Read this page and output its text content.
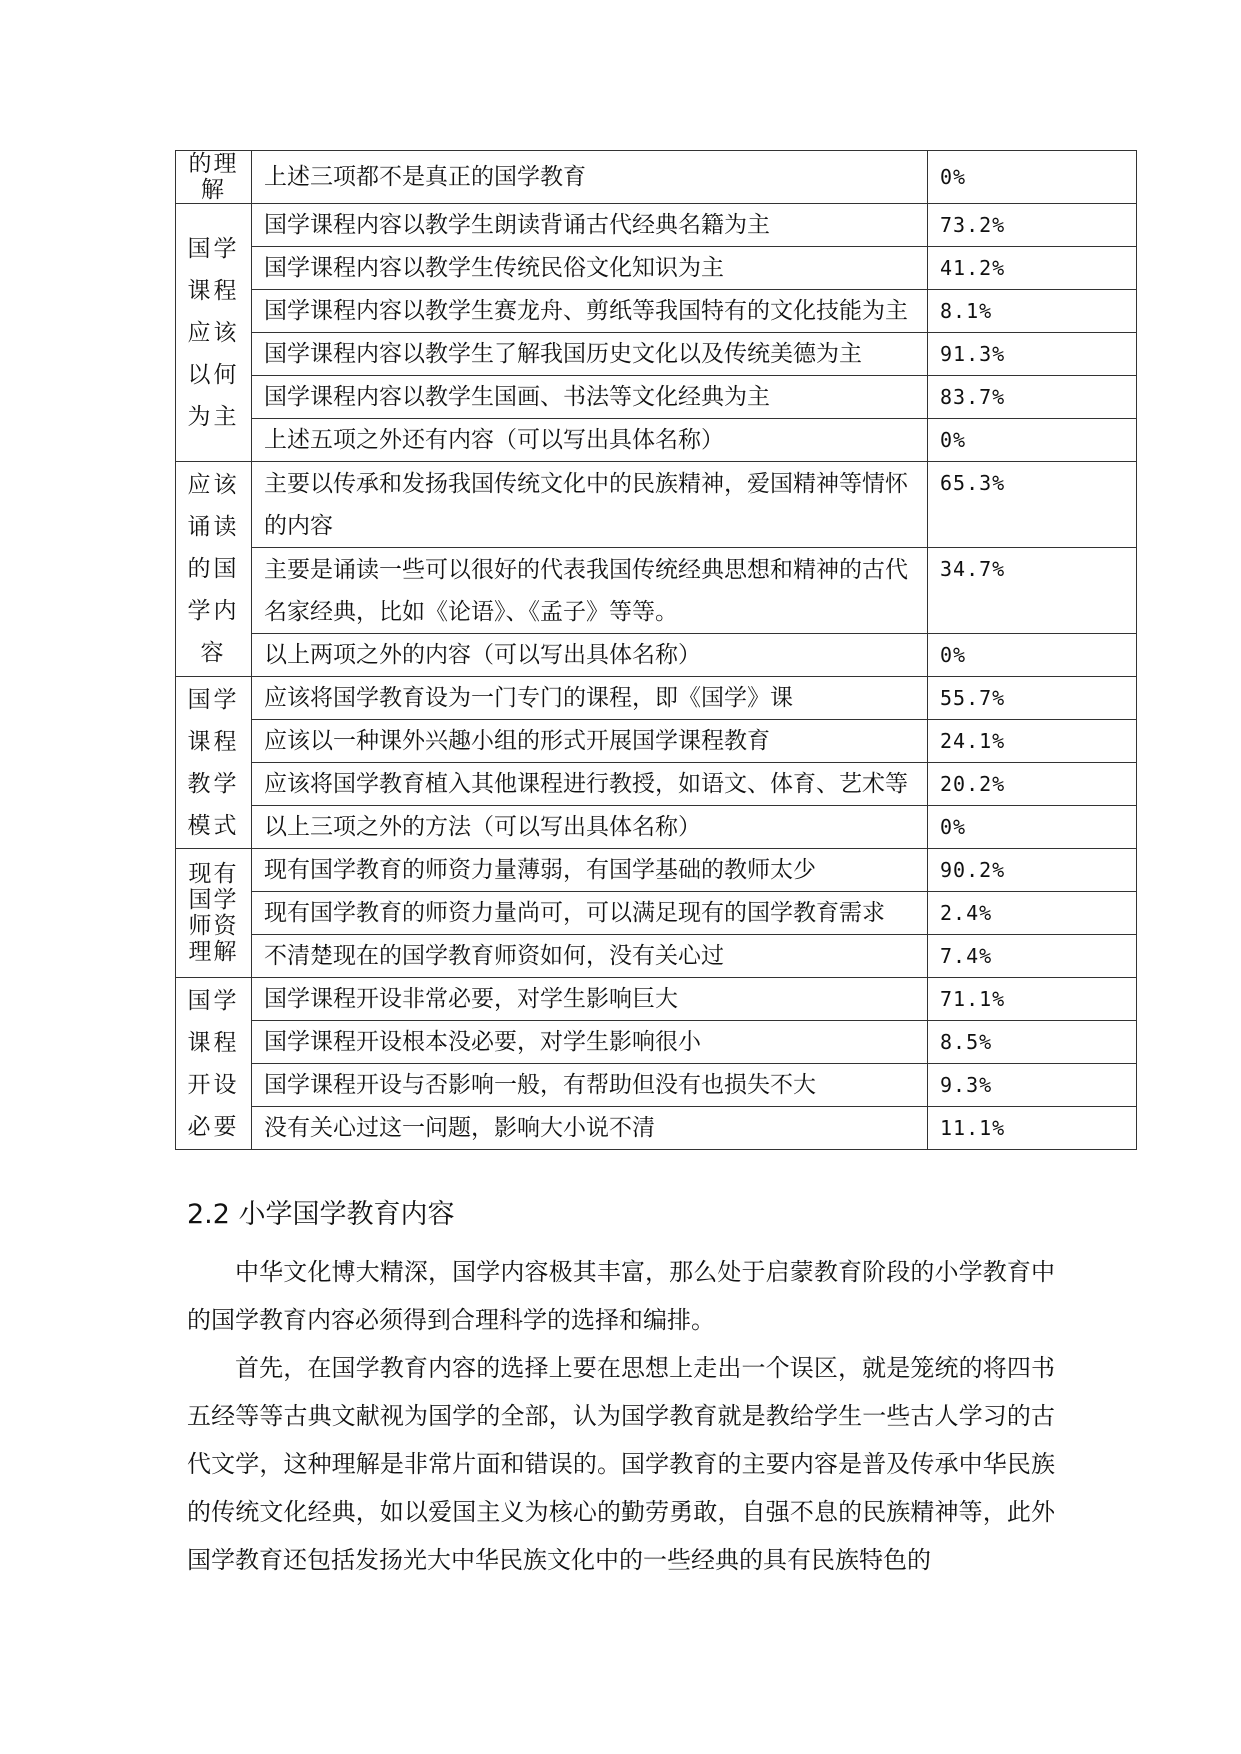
的理解	上述三项都不是真正的国学教育	0%

国学课程应该以何为主	国学课程内容以教学生朗读背诵古代经典名籍为主	73.2%
	国学课程内容以教学生传统民俗文化知识为主	41.2%
	国学课程内容以教学生赛龙舟、剪纸等我国特有的文化技能为主	8.1%
	国学课程内容以教学生了解我国历史文化以及传统美德为主	91.3%
	国学课程内容以教学生国画、书法等文化经典为主	83.7%
	上述五项之外还有内容（可以写出具体名称）	0%

应该诵读的国学内容	主要以传承和发扬我国传统文化中的民族精神，爱国精神等情怀的内容	65.3%
	主要是诵读一些可以很好的代表我国传统经典思想和精神的古代名家经典，比如《论语》、《孟子》等等。	34.7%
	以上两项之外的内容（可以写出具体名称）	0%

国学课程教学模式	应该将国学教育设为一门专门的课程，即《国学》课	55.7%
	应该以一种课外兴趣小组的形式开展国学课程教育	24.1%
	应该将国学教育植入其他课程进行教授，如语文、体育、艺术等	20.2%
	以上三项之外的方法（可以写出具体名称）	0%

现有国学师资理解	现有国学教育的师资力量薄弱，有国学基础的教师太少	90.2%
	现有国学教育的师资力量尚可，可以满足现有的国学教育需求	2.4%
	不清楚现在的国学教育师资如何，没有关心过	7.4%

国学课程开设必要	国学课程开设非常必要，对学生影响巨大	71.1%
	国学课程开设根本没必要，对学生影响很小	8.5%
	国学课程开设与否影响一般，有帮助但没有也损失不大	9.3%
	没有关心过这一问题，影响大小说不清	11.1%
2.2 小学国学教育内容

中华文化博大精深，国学内容极其丰富，那么处于启蒙教育阶段的小学教育中的国学教育内容必须得到合理科学的选择和编排。

首先，在国学教育内容的选择上要在思想上走出一个误区，就是笼统的将四书五经等等古典文献视为国学的全部，认为国学教育就是教给学生一些古人学习的古代文学，这种理解是非常片面和错误的。国学教育的主要内容是普及传承中华民族的传统文化经典，如以爱国主义为核心的勤劳勇敢，自强不息的民族精神等，此外国学教育还包括发扬光大中华民族文化中的一些经典的具有民族特色的
